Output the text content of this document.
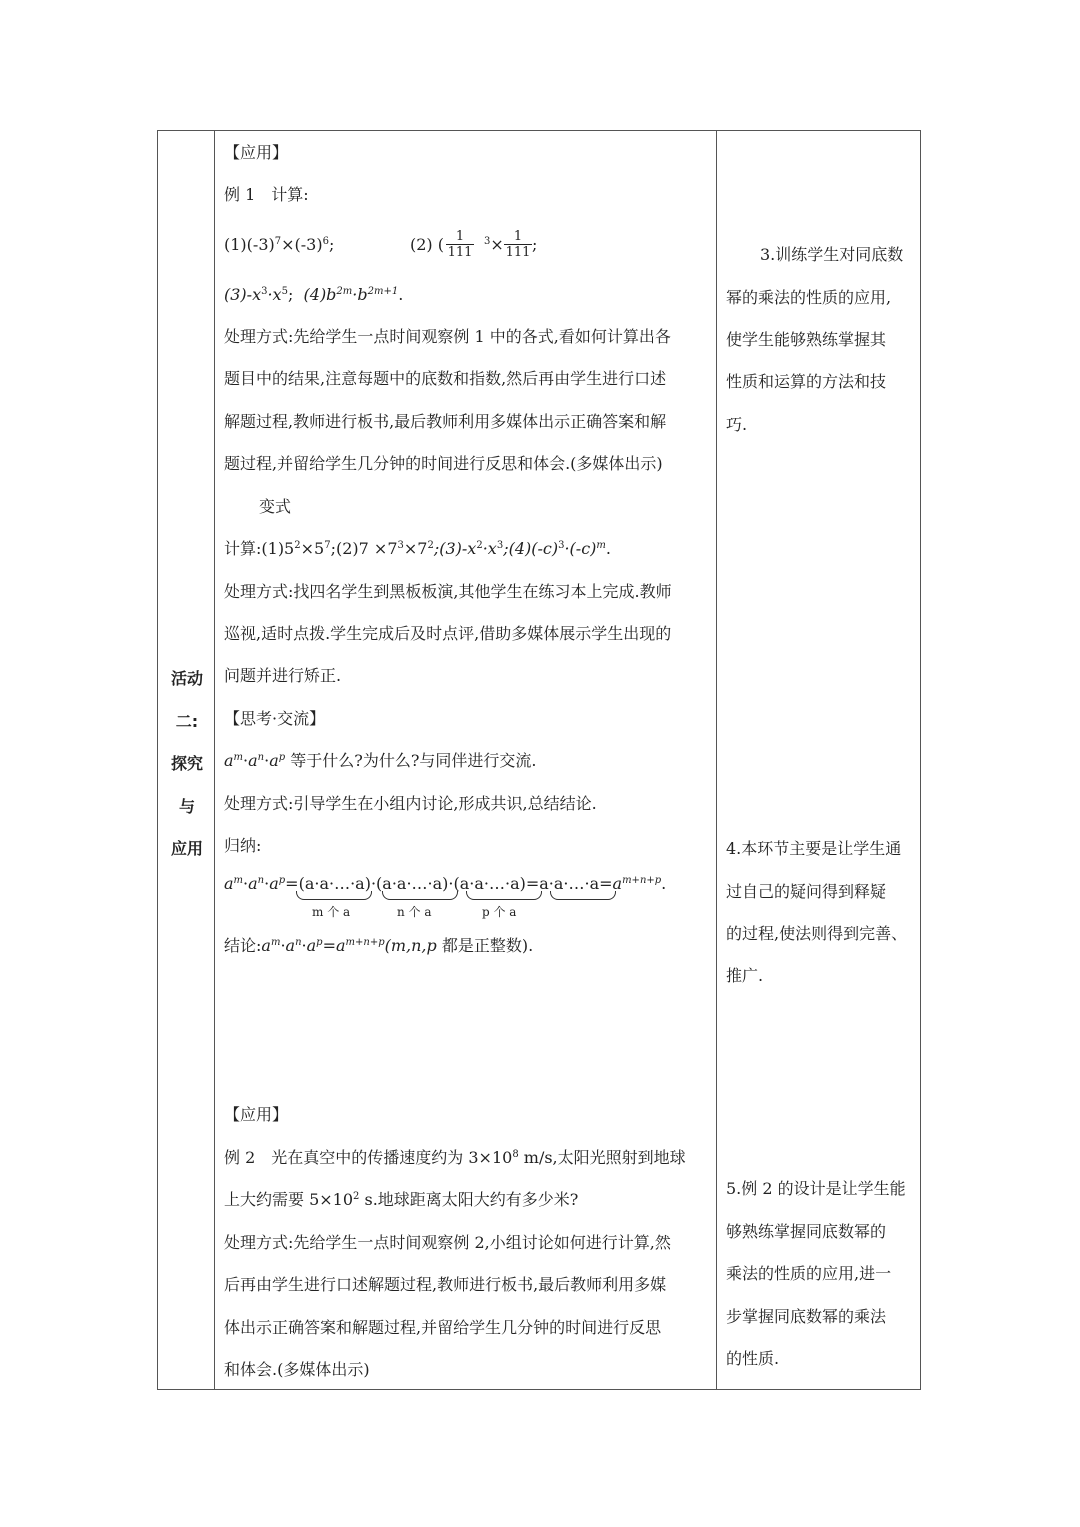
活动
二:
探究
与
应用
【应用】
例 1　计算:
$(1)(-3)^7\times(-3)^6$;	(2) ( $\frac{1}{111} ^3\times \frac{1}{111}$ ;
$(3)-x^3\cdot x^5$; $(4)b^{2m}\cdot b^{2m+1}$.
处理方式:先给学生一点时间观察例 1 中的各式,看如何计算出各
题目中的结果,注意每题中的底数和指数,然后再由学生进行口述
解题过程,教师进行板书,最后教师利用多媒体出示正确答案和解
题过程,并留给学生几分钟的时间进行反思和体会.(多媒体出示)
变式
计算$:(1)5^2\times 5^7;(2)7$ $\times 7^3\times 7^2;(3)-x^2\cdot x^3;(4)(-c)^3\cdot(-c)^m$.
处理方式:找四名学生到黑板板演,其他学生在练习本上完成.教师
巡视,适时点拨.学生完成后及时点评,借助多媒体展示学生出现的
问题并进行矫正.
【思考·交流】
$a^m\cdot a^n\cdot a^p$ 等于什么?为什么?与同伴进行交流.
处理方式:引导学生在小组内讨论,形成共识,总结结论.
归纳:
$a^m\cdot a^n\cdot a^p=(a\cdot a\cdot\dots\cdot a)\cdot(a\cdot a\cdot\dots\cdot a)\cdot(a\cdot a\cdot\dots\cdot a)=a\cdot a\cdot\dots\cdot a=a^{m+n+p}$.
m 个 a	n 个 a	p 个 a
结论$:a^m\cdot a^n\cdot a^p=a^{m+n+p}(m,n,p$ 都是正整数).
【应用】
例 2　光在真空中的传播速度约为 $3\times 10^8$ m/s,太阳光照射到地球
上大约需要 $5\times 10^2$ s.地球距离太阳大约有多少米?
处理方式:先给学生一点时间观察例 2,小组讨论如何进行计算,然
后再由学生进行口述解题过程,教师进行板书,最后教师利用多媒
体出示正确答案和解题过程,并留给学生几分钟的时间进行反思
和体会.(多媒体出示)
3.训练学生对同底数
幂的乘法的性质的应用,
使学生能够熟练掌握其
性质和运算的方法和技
巧.
4.本环节主要是让学生通
过自己的疑问得到释疑
的过程,使法则得到完善、
推广.
5.例 2 的设计是让学生能
够熟练掌握同底数幂的
乘法的性质的应用,进一
步掌握同底数幂的乘法
的性质.
